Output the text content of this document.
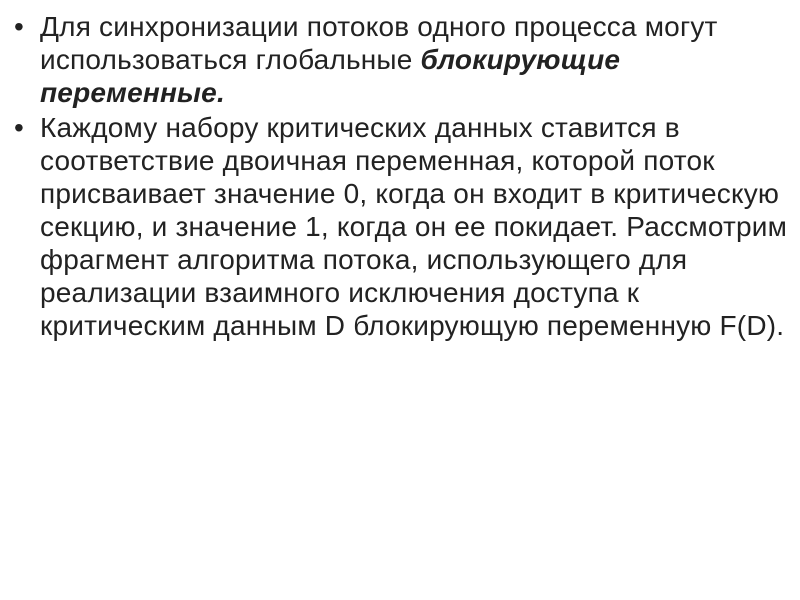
• Для синхронизации потоков одного процесса могут использоваться глобальные блокирующие переменные.
• Каждому набору критических данных ставится в соответствие двоичная переменная, которой поток присваивает значение 0, когда он входит в критическую секцию, и значение 1, когда он ее покидает. Рассмотрим фрагмент алгоритма потока, использующего для реализации взаимного исключения доступа к критическим данным D блокирующую переменную F(D).
